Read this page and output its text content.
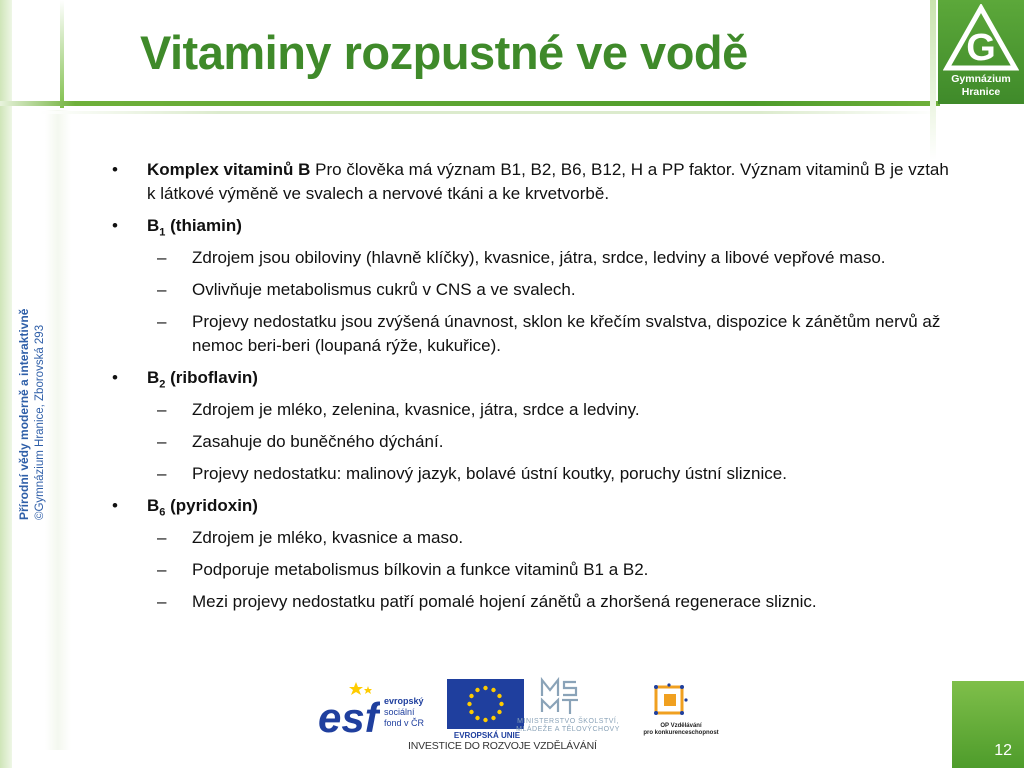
Vitaminy rozpustné ve vodě	G
Gymnázium
Hranice
Přírodní vědy moderně a interaktivně ©Gymnázium Hranice, Zborovská 293
•	Komplex vitaminů B Pro člověka má význam B1, B2, B6, B12, H a PP faktor. Význam vitaminů B je vztah k látkové výměně ve svalech a nervové tkáni a ke krvetvorbě.
•	$B_1$ (thiamin)
–	Zdrojem jsou obiloviny (hlavně klíčky), kvasnice, játra, srdce, ledviny a libové vepřové maso.
–	Ovlivňuje metabolismus cukrů v CNS a ve svalech.
–	Projevy nedostatku jsou zvýšená únavnost, sklon ke křečím svalstva, dispozice k zánětům nervů až nemoc beri-beri (loupaná rýže, kukuřice).
•	$B_2$ (riboflavin)
–	Zdrojem je mléko, zelenina, kvasnice, játra, srdce a ledviny.
–	Zasahuje do buněčného dýchání.
–	Projevy nedostatku: malinový jazyk, bolavé ústní koutky, poruchy ústní sliznice.
•	$B_6$ (pyridoxin)
–	Zdrojem je mléko, kvasnice a maso.
–	Podporuje metabolismus bílkovin a funkce vitaminů B1 a B2.
–	Mezi projevy nedostatku patří pomalé hojení zánětů a zhoršená regenerace sliznic.
esf evropský
sociální
fond v ČR
EVROPSKÁ UNIE
MINISTERSTVO ŠKOLSTVÍ,
MLÁDEŽE A TĚLOVÝCHOVY	OP Vzdělávání
pro konkurenceschopnost
INVESTICE DO ROZVOJE VZDĚLÁVÁNÍ	12
